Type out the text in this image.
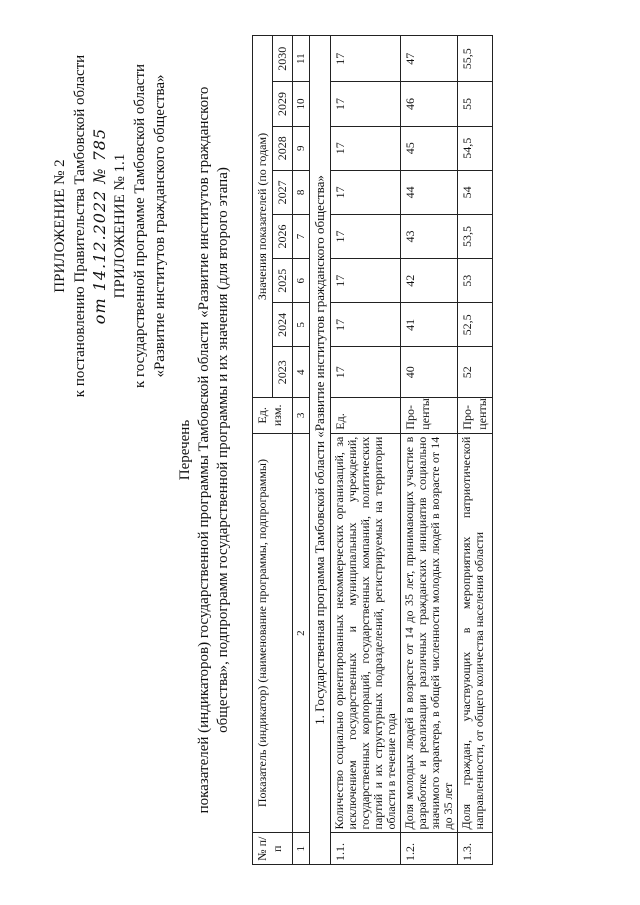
ПРИЛОЖЕНИЕ № 2 к постановлению Правительства Тамбовской области от 14.12.2022 № 785 ПРИЛОЖЕНИЕ № 1.1 к государственной программе Тамбовской области «Развитие институтов гражданского общества»
Перечень показателей (индикаторов) государственной программы Тамбовской области «Развитие институтов гражданского общества», подпрограмм государственной программы и их значения (для второго этапа)
№ п/п	Показатель (индикатор) (наименование программы, подпрограммы)	Ед. изм.	Значения показателей (по годам)							
			2023	2024	2025	2026	2027	2028	2029	2030
1	2	3	4	5	6	7	8	9	10	11
1. Государственная программа Тамбовской области «Развитие институтов гражданского общества»										
1.1.	Количество социально ориентированных некоммерческих организаций, за исключением государственных и муниципальных учреждений, государственных корпораций, государственных компаний, политических партий и их структурных подразделений, регистрируемых на территории области в течение года	Ед.	17	17	17	17	17	17	17	17
1.2.	Доля молодых людей в возрасте от 14 до 35 лет, принимающих участие в разработке и реализации различных гражданских инициатив социально значимого характера, в общей численности молодых людей в возрасте от 14 до 35 лет	Про-центы	40	41	42	43	44	45	46	47
1.3.	Доля граждан, участвующих в мероприятиях патриотической направленности, от общего количества населения области	Про-центы	52	52,5	53	53,5	54	54,5	55	55,5
